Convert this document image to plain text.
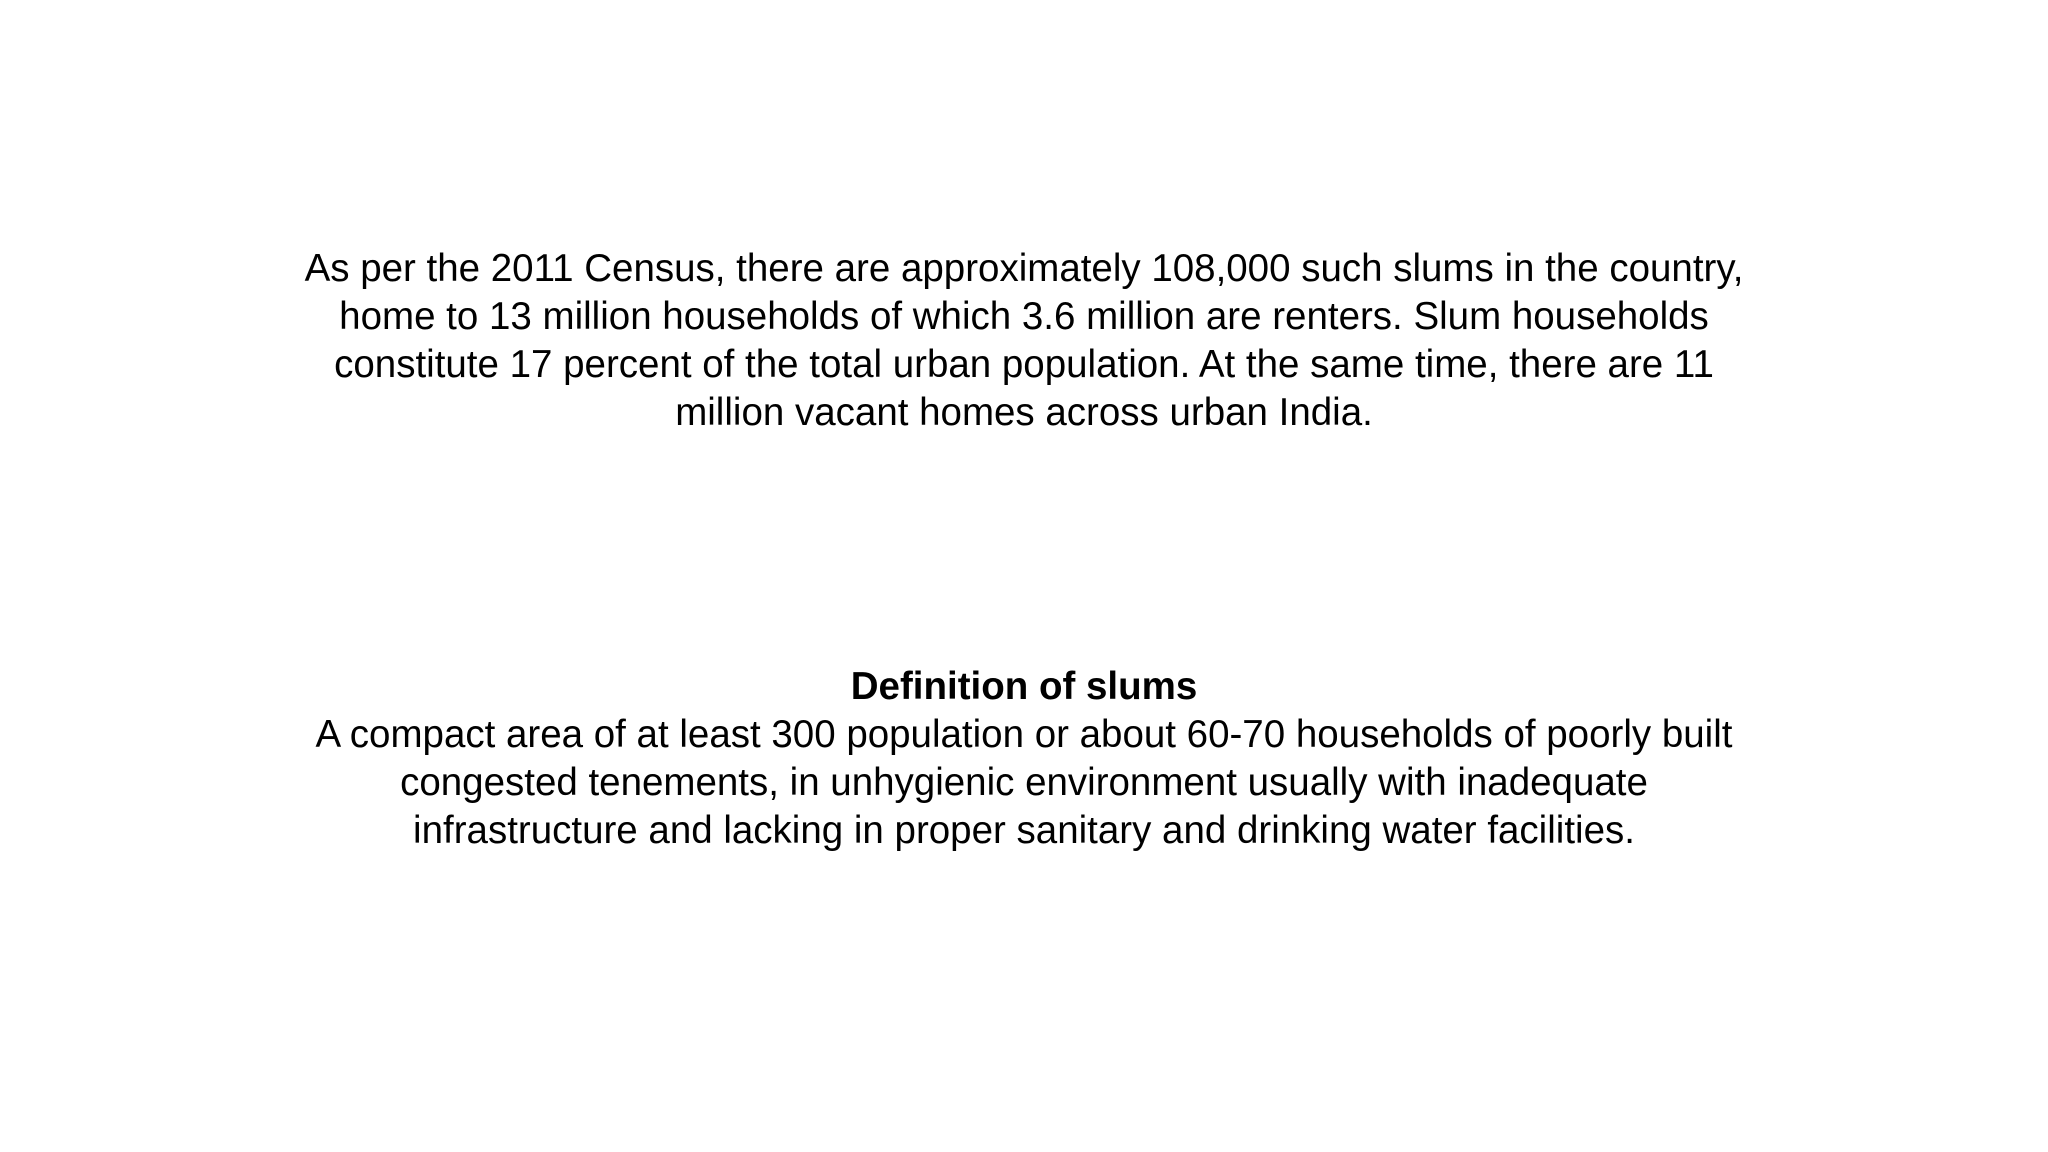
As per the 2011 Census, there are approximately 108,000 such slums in the country, home to 13 million households of which 3.6 million are renters. Slum households constitute 17 percent of the total urban population. At the same time, there are 11 million vacant homes across urban India.

Definition of slums
A compact area of at least 300 population or about 60-70 households of poorly built congested tenements, in unhygienic environment usually with inadequate infrastructure and lacking in proper sanitary and drinking water facilities.
